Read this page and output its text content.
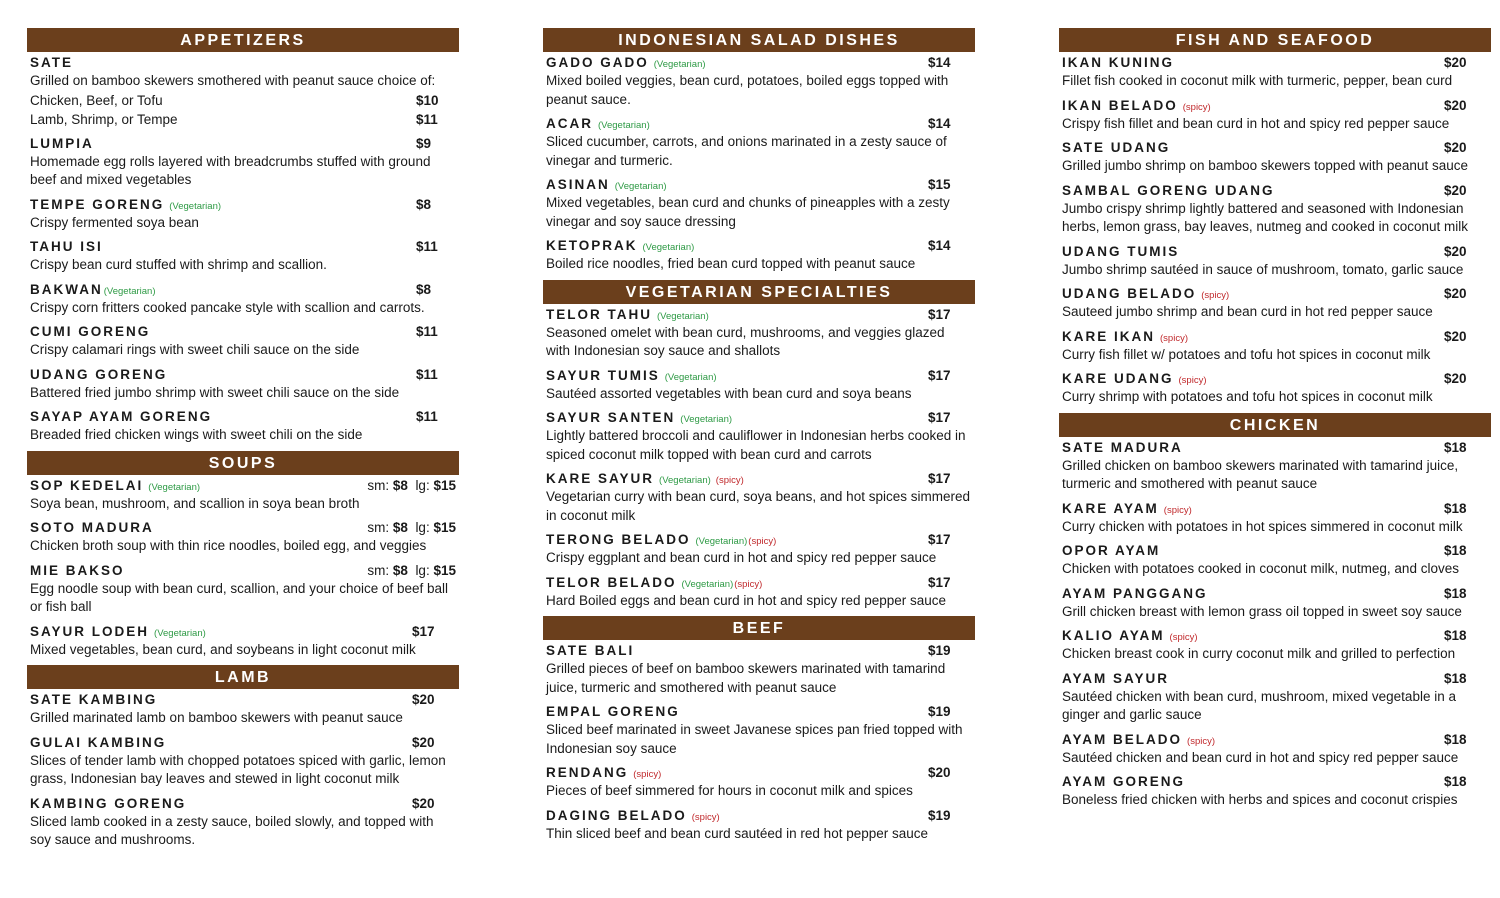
APPETIZERS
SATE
Grilled on bamboo skewers smothered with peanut sauce choice of:
Chicken, Beef, or Tofu	$10
Lamb, Shrimp, or Tempe	$11
LUMPIA	$9
Homemade egg rolls layered with breadcrumbs stuffed with ground beef and mixed vegetables
TEMPE GORENG (Vegetarian)	$8
Crispy fermented soya bean
TAHU ISI	$11
Crispy bean curd stuffed with shrimp and scallion.
BAKWAN (Vegetarian)	$8
Crispy corn fritters cooked pancake style with scallion and carrots.
CUMI GORENG	$11
Crispy calamari rings with sweet chili sauce on the side
UDANG GORENG	$11
Battered fried jumbo shrimp with sweet chili sauce on the side
SAYAP AYAM GORENG	$11
Breaded fried chicken wings with sweet chili on the side
SOUPS
SOP KEDELAI (Vegetarian)	sm: $8 lg: $15
Soya bean, mushroom, and scallion in soya bean broth
SOTO MADURA	sm: $8 lg: $15
Chicken broth soup with thin rice noodles, boiled egg, and veggies
MIE BAKSO	sm: $8 lg: $15
Egg noodle soup with bean curd, scallion, and your choice of beef ball or fish ball
SAYUR LODEH (Vegetarian)	$17
Mixed vegetables, bean curd, and soybeans in light coconut milk
LAMB
SATE KAMBING	$20
Grilled marinated lamb on bamboo skewers with peanut sauce
GULAI KAMBING	$20
Slices of tender lamb with chopped potatoes spiced with garlic, lemon grass, Indonesian bay leaves and stewed in light coconut milk
KAMBING GORENG	$20
Sliced lamb cooked in a zesty sauce, boiled slowly, and topped with soy sauce and mushrooms.
INDONESIAN SALAD DISHES
GADO GADO (Vegetarian)	$14
Mixed boiled veggies, bean curd, potatoes, boiled eggs topped with peanut sauce.
ACAR (Vegetarian)	$14
Sliced cucumber, carrots, and onions marinated in a zesty sauce of vinegar and turmeric.
ASINAN (Vegetarian)	$15
Mixed vegetables, bean curd and chunks of pineapples with a zesty vinegar and soy sauce dressing
KETOPRAK (Vegetarian)	$14
Boiled rice noodles, fried bean curd topped with peanut sauce
VEGETARIAN SPECIALTIES
TELOR TAHU (Vegetarian)	$17
Seasoned omelet with bean curd, mushrooms, and veggies glazed with Indonesian soy sauce and shallots
SAYUR TUMIS (Vegetarian)	$17
Sautéed assorted vegetables with bean curd and soya beans
SAYUR SANTEN (Vegetarian)	$17
Lightly battered broccoli and cauliflower in Indonesian herbs cooked in spiced coconut milk topped with bean curd and carrots
KARE SAYUR (Vegetarian) (spicy)	$17
Vegetarian curry with bean curd, soya beans, and hot spices simmered in coconut milk
TERONG BELADO (Vegetarian) (spicy)	$17
Crispy eggplant and bean curd in hot and spicy red pepper sauce
TELOR BELADO (Vegetarian) (spicy)	$17
Hard Boiled eggs and bean curd in hot and spicy red pepper sauce
BEEF
SATE BALI	$19
Grilled pieces of beef on bamboo skewers marinated with tamarind juice, turmeric and smothered with peanut sauce
EMPAL GORENG	$19
Sliced beef marinated in sweet Javanese spices pan fried topped with Indonesian soy sauce
RENDANG (spicy)	$20
Pieces of beef simmered for hours in coconut milk and spices
DAGING BELADO (spicy)	$19
Thin sliced beef and bean curd sautéed in red hot pepper sauce
FISH AND SEAFOOD
IKAN KUNING	$20
Fillet fish cooked in coconut milk with turmeric, pepper, bean curd
IKAN BELADO (spicy)	$20
Crispy fish fillet and bean curd in hot and spicy red pepper sauce
SATE UDANG	$20
Grilled jumbo shrimp on bamboo skewers topped with peanut sauce
SAMBAL GORENG UDANG	$20
Jumbo crispy shrimp lightly battered and seasoned with Indonesian herbs, lemon grass, bay leaves, nutmeg and cooked in coconut milk
UDANG TUMIS	$20
Jumbo shrimp sautéed in sauce of mushroom, tomato, garlic sauce
UDANG BELADO (spicy)	$20
Sauteed jumbo shrimp and bean curd in hot red pepper sauce
KARE IKAN (spicy)	$20
Curry fish fillet w/ potatoes and tofu hot spices in coconut milk
KARE UDANG (spicy)	$20
Curry shrimp with potatoes and tofu hot spices in coconut milk
CHICKEN
SATE MADURA	$18
Grilled chicken on bamboo skewers marinated with tamarind juice, turmeric and smothered with peanut sauce
KARE AYAM (spicy)	$18
Curry chicken with potatoes in hot spices simmered in coconut milk
OPOR AYAM	$18
Chicken with potatoes cooked in coconut milk, nutmeg, and cloves
AYAM PANGGANG	$18
Grill chicken breast with lemon grass oil topped in sweet soy sauce
KALIO AYAM (spicy)	$18
Chicken breast cook in curry coconut milk and grilled to perfection
AYAM SAYUR	$18
Sautéed chicken with bean curd, mushroom, mixed vegetable in a ginger and garlic sauce
AYAM BELADO (spicy)	$18
Sautéed chicken and bean curd in hot and spicy red pepper sauce
AYAM GORENG	$18
Boneless fried chicken with herbs and spices and coconut crispies
